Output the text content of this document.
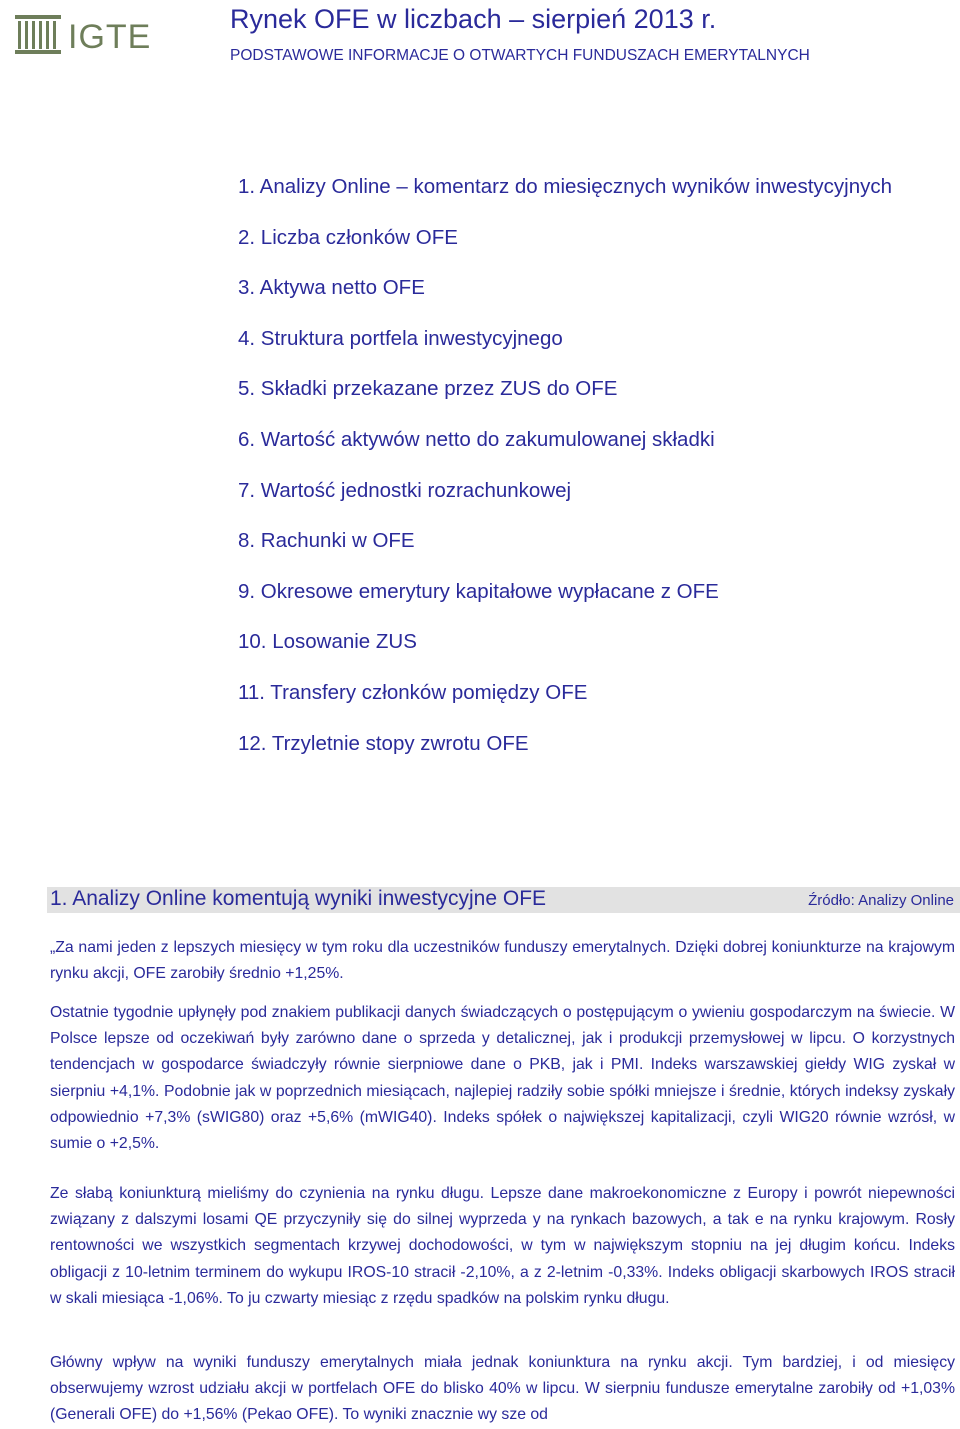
IGTE	Rynek OFE w liczbach – sierpień 2013 r.
PODSTAWOWE INFORMACJE O OTWARTYCH FUNDUSZACH EMERYTALNYCH
1. Analizy Online – komentarz do miesięcznych wyników inwestycyjnych
2. Liczba członków OFE
3. Aktywa netto OFE
4. Struktura portfela inwestycyjnego
5. Składki przekazane przez ZUS do OFE
6. Wartość aktywów netto do zakumulowanej składki
7. Wartość jednostki rozrachunkowej
8. Rachunki w OFE
9. Okresowe emerytury kapitałowe wypłacane z OFE
10. Losowanie ZUS
11. Transfery członków pomiędzy OFE
12. Trzyletnie stopy zwrotu OFE
1. Analizy Online komentują wyniki inwestycyjne OFE	Źródło: Analizy Online

„Za nami jeden z lepszych miesięcy w tym roku dla uczestników funduszy emerytalnych. Dzięki dobrej koniunkturze na krajowym rynku akcji, OFE zarobiły średnio +1,25%.

Ostatnie tygodnie upłynęły pod znakiem publikacji danych świadczących o postępującym o ywieniu gospodarczym na świecie. W Polsce lepsze od oczekiwań były zarówno dane o sprzeda y detalicznej, jak i produkcji przemysłowej w lipcu. O korzystnych tendencjach w gospodarce świadczyły równie sierpniowe dane o PKB, jak i PMI. Indeks warszawskiej giełdy WIG zyskał w sierpniu +4,1%. Podobnie jak w poprzednich miesiącach, najlepiej radziły sobie spółki mniejsze i średnie, których indeksy zyskały odpowiednio +7,3% (sWIG80) oraz +5,6% (mWIG40). Indeks spółek o największej kapitalizacji, czyli WIG20 równie wzrósł, w sumie o +2,5%.

Ze słabą koniunkturą mieliśmy do czynienia na rynku długu. Lepsze dane makroekonomiczne z Europy i powrót niepewności związany z dalszymi losami QE przyczyniły się do silnej wyprzeda y na rynkach bazowych, a tak e na rynku krajowym. Rosły rentowności we wszystkich segmentach krzywej dochodowości, w tym w największym stopniu na jej długim końcu. Indeks obligacji z 10-letnim terminem do wykupu IROS-10 stracił -2,10%, a z 2-letnim -0,33%. Indeks obligacji skarbowych IROS stracił w skali miesiąca -1,06%. To ju czwarty miesiąc z rzędu spadków na polskim rynku długu.

Główny wpływ na wyniki funduszy emerytalnych miała jednak koniunktura na rynku akcji. Tym bardziej, i od miesięcy obserwujemy wzrost udziału akcji w portfelach OFE do blisko 40% w lipcu. W sierpniu fundusze emerytalne zarobiły od +1,03% (Generali OFE) do +1,56% (Pekao OFE). To wyniki znacznie wy sze od
